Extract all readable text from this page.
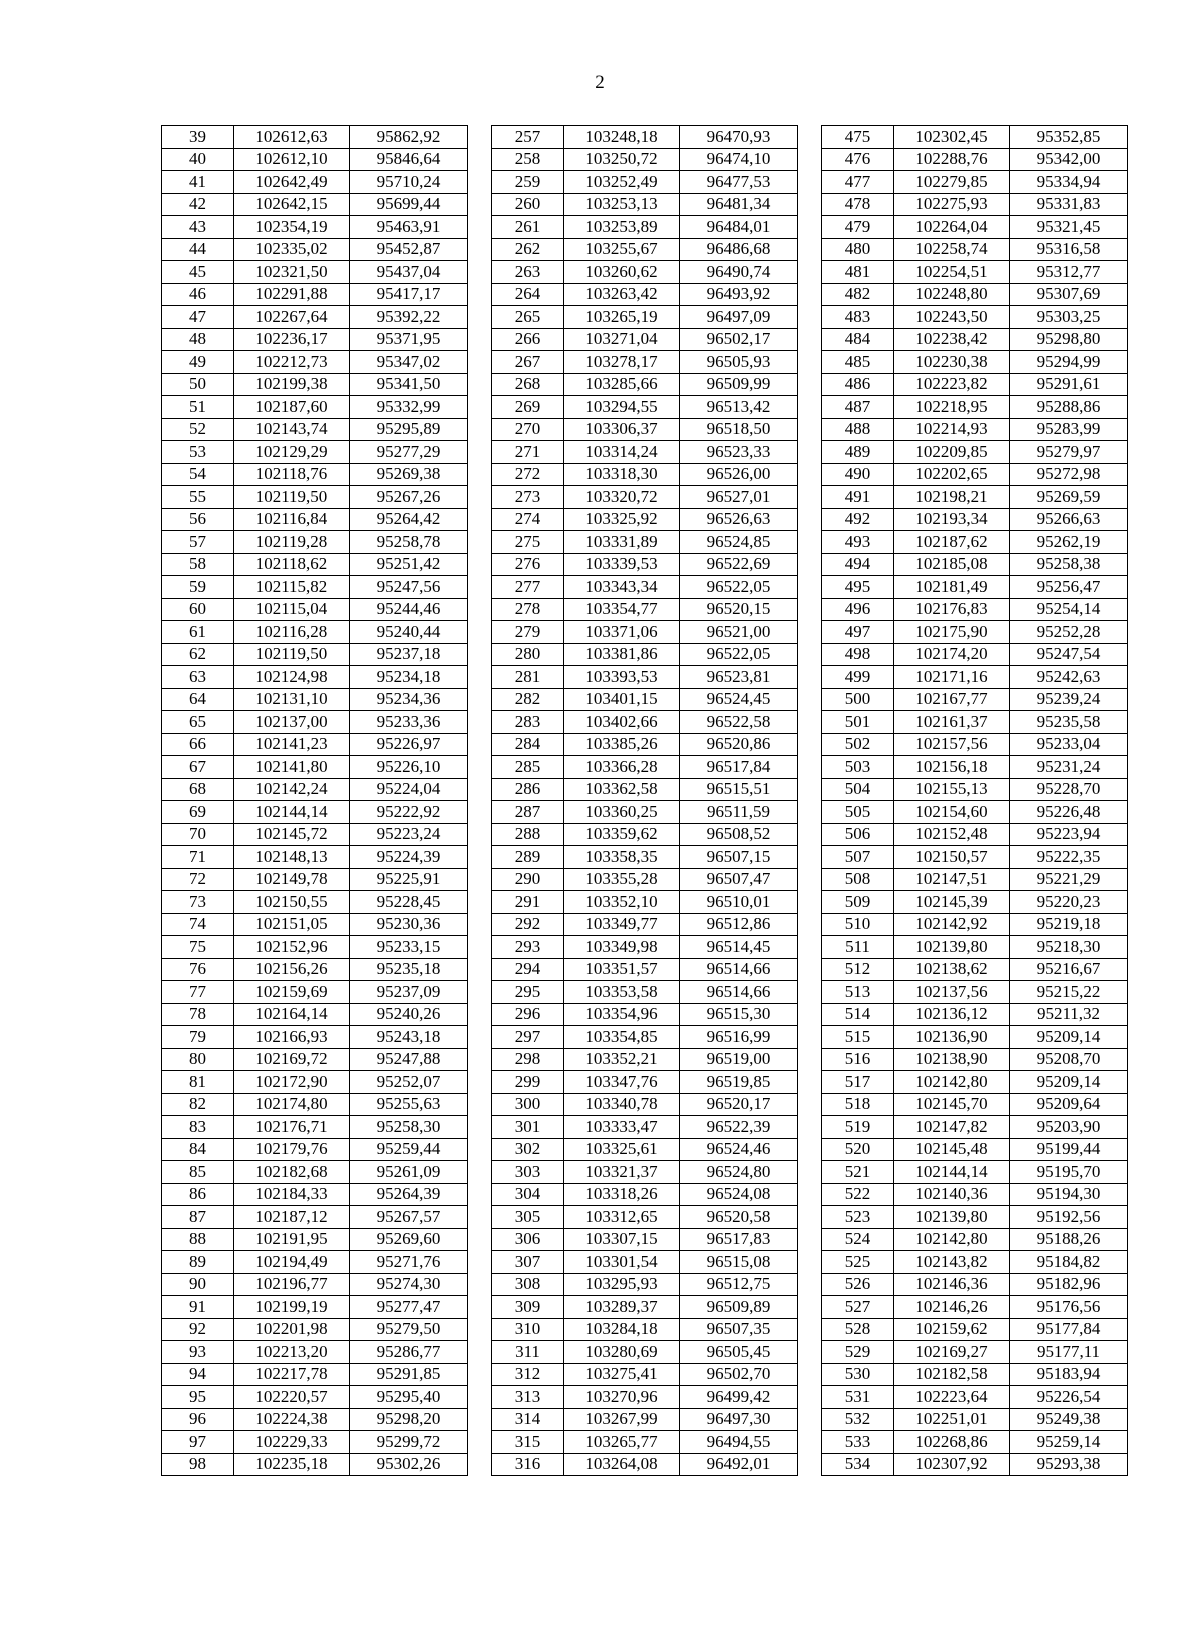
2
39	102612,63	95862,92
40	102612,10	95846,64
41	102642,49	95710,24
42	102642,15	95699,44
43	102354,19	95463,91
44	102335,02	95452,87
45	102321,50	95437,04
46	102291,88	95417,17
47	102267,64	95392,22
48	102236,17	95371,95
49	102212,73	95347,02
50	102199,38	95341,50
51	102187,60	95332,99
52	102143,74	95295,89
53	102129,29	95277,29
54	102118,76	95269,38
55	102119,50	95267,26
56	102116,84	95264,42
57	102119,28	95258,78
58	102118,62	95251,42
59	102115,82	95247,56
60	102115,04	95244,46
61	102116,28	95240,44
62	102119,50	95237,18
63	102124,98	95234,18
64	102131,10	95234,36
65	102137,00	95233,36
66	102141,23	95226,97
67	102141,80	95226,10
68	102142,24	95224,04
69	102144,14	95222,92
70	102145,72	95223,24
71	102148,13	95224,39
72	102149,78	95225,91
73	102150,55	95228,45
74	102151,05	95230,36
75	102152,96	95233,15
76	102156,26	95235,18
77	102159,69	95237,09
78	102164,14	95240,26
79	102166,93	95243,18
80	102169,72	95247,88
81	102172,90	95252,07
82	102174,80	95255,63
83	102176,71	95258,30
84	102179,76	95259,44
85	102182,68	95261,09
86	102184,33	95264,39
87	102187,12	95267,57
88	102191,95	95269,60
89	102194,49	95271,76
90	102196,77	95274,30
91	102199,19	95277,47
92	102201,98	95279,50
93	102213,20	95286,77
94	102217,78	95291,85
95	102220,57	95295,40
96	102224,38	95298,20
97	102229,33	95299,72
98	102235,18	95302,26
257	103248,18	96470,93
258	103250,72	96474,10
259	103252,49	96477,53
260	103253,13	96481,34
261	103253,89	96484,01
262	103255,67	96486,68
263	103260,62	96490,74
264	103263,42	96493,92
265	103265,19	96497,09
266	103271,04	96502,17
267	103278,17	96505,93
268	103285,66	96509,99
269	103294,55	96513,42
270	103306,37	96518,50
271	103314,24	96523,33
272	103318,30	96526,00
273	103320,72	96527,01
274	103325,92	96526,63
275	103331,89	96524,85
276	103339,53	96522,69
277	103343,34	96522,05
278	103354,77	96520,15
279	103371,06	96521,00
280	103381,86	96522,05
281	103393,53	96523,81
282	103401,15	96524,45
283	103402,66	96522,58
284	103385,26	96520,86
285	103366,28	96517,84
286	103362,58	96515,51
287	103360,25	96511,59
288	103359,62	96508,52
289	103358,35	96507,15
290	103355,28	96507,47
291	103352,10	96510,01
292	103349,77	96512,86
293	103349,98	96514,45
294	103351,57	96514,66
295	103353,58	96514,66
296	103354,96	96515,30
297	103354,85	96516,99
298	103352,21	96519,00
299	103347,76	96519,85
300	103340,78	96520,17
301	103333,47	96522,39
302	103325,61	96524,46
303	103321,37	96524,80
304	103318,26	96524,08
305	103312,65	96520,58
306	103307,15	96517,83
307	103301,54	96515,08
308	103295,93	96512,75
309	103289,37	96509,89
310	103284,18	96507,35
311	103280,69	96505,45
312	103275,41	96502,70
313	103270,96	96499,42
314	103267,99	96497,30
315	103265,77	96494,55
316	103264,08	96492,01
475	102302,45	95352,85
476	102288,76	95342,00
477	102279,85	95334,94
478	102275,93	95331,83
479	102264,04	95321,45
480	102258,74	95316,58
481	102254,51	95312,77
482	102248,80	95307,69
483	102243,50	95303,25
484	102238,42	95298,80
485	102230,38	95294,99
486	102223,82	95291,61
487	102218,95	95288,86
488	102214,93	95283,99
489	102209,85	95279,97
490	102202,65	95272,98
491	102198,21	95269,59
492	102193,34	95266,63
493	102187,62	95262,19
494	102185,08	95258,38
495	102181,49	95256,47
496	102176,83	95254,14
497	102175,90	95252,28
498	102174,20	95247,54
499	102171,16	95242,63
500	102167,77	95239,24
501	102161,37	95235,58
502	102157,56	95233,04
503	102156,18	95231,24
504	102155,13	95228,70
505	102154,60	95226,48
506	102152,48	95223,94
507	102150,57	95222,35
508	102147,51	95221,29
509	102145,39	95220,23
510	102142,92	95219,18
511	102139,80	95218,30
512	102138,62	95216,67
513	102137,56	95215,22
514	102136,12	95211,32
515	102136,90	95209,14
516	102138,90	95208,70
517	102142,80	95209,14
518	102145,70	95209,64
519	102147,82	95203,90
520	102145,48	95199,44
521	102144,14	95195,70
522	102140,36	95194,30
523	102139,80	95192,56
524	102142,80	95188,26
525	102143,82	95184,82
526	102146,36	95182,96
527	102146,26	95176,56
528	102159,62	95177,84
529	102169,27	95177,11
530	102182,58	95183,94
531	102223,64	95226,54
532	102251,01	95249,38
533	102268,86	95259,14
534	102307,92	95293,38
